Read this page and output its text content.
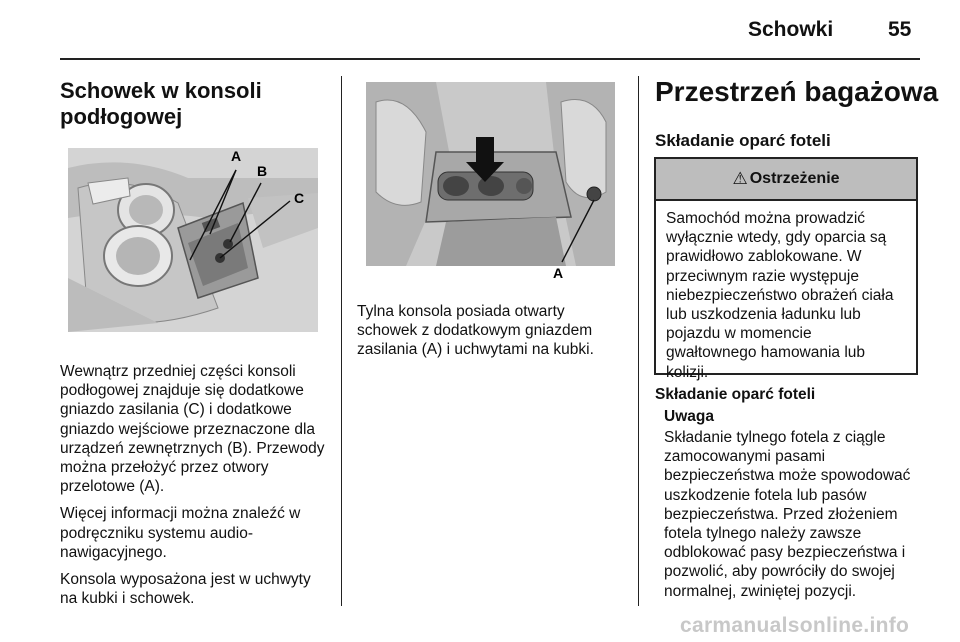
Schowki	55
Schowek w konsoli podłogowej
A
B
C

Wewnątrz przedniej części konsoli podłogowej znajduje się dodatkowe gniazdo zasilania (C) i dodatkowe gniazdo wejściowe przeznaczone dla urządzeń zewnętrznych (B). Przewody można przełożyć przez otwory przelotowe (A).

Więcej informacji można znaleźć w podręczniku systemu audio-nawigacyjnego.

Konsola wyposażona jest w uchwyty na kubki i schowek.

A
Tylna konsola posiada otwarty schowek z dodatkowym gniazdem zasilania (A) i uchwytami na kubki.
Przestrzeń bagażowa
Składanie oparć foteli
⚠ Ostrzeżenie
Samochód można prowadzić wyłącznie wtedy, gdy oparcia są prawidłowo zablokowane. W przeciwnym razie występuje niebezpieczeństwo obrażeń ciała lub uszkodzenia ładunku lub pojazdu w momencie gwałtownego hamowania lub kolizji.
Składanie oparć foteli
Uwaga
Składanie tylnego fotela z ciągle zamocowanymi pasami bezpieczeństwa może spowodować uszkodzenie fotela lub pasów bezpieczeństwa. Przed złożeniem fotela tylnego należy zawsze odblokować pasy bezpieczeństwa i pozwolić, aby powróciły do swojej normalnej, zwiniętej pozycji.
carmanualsonline.info
